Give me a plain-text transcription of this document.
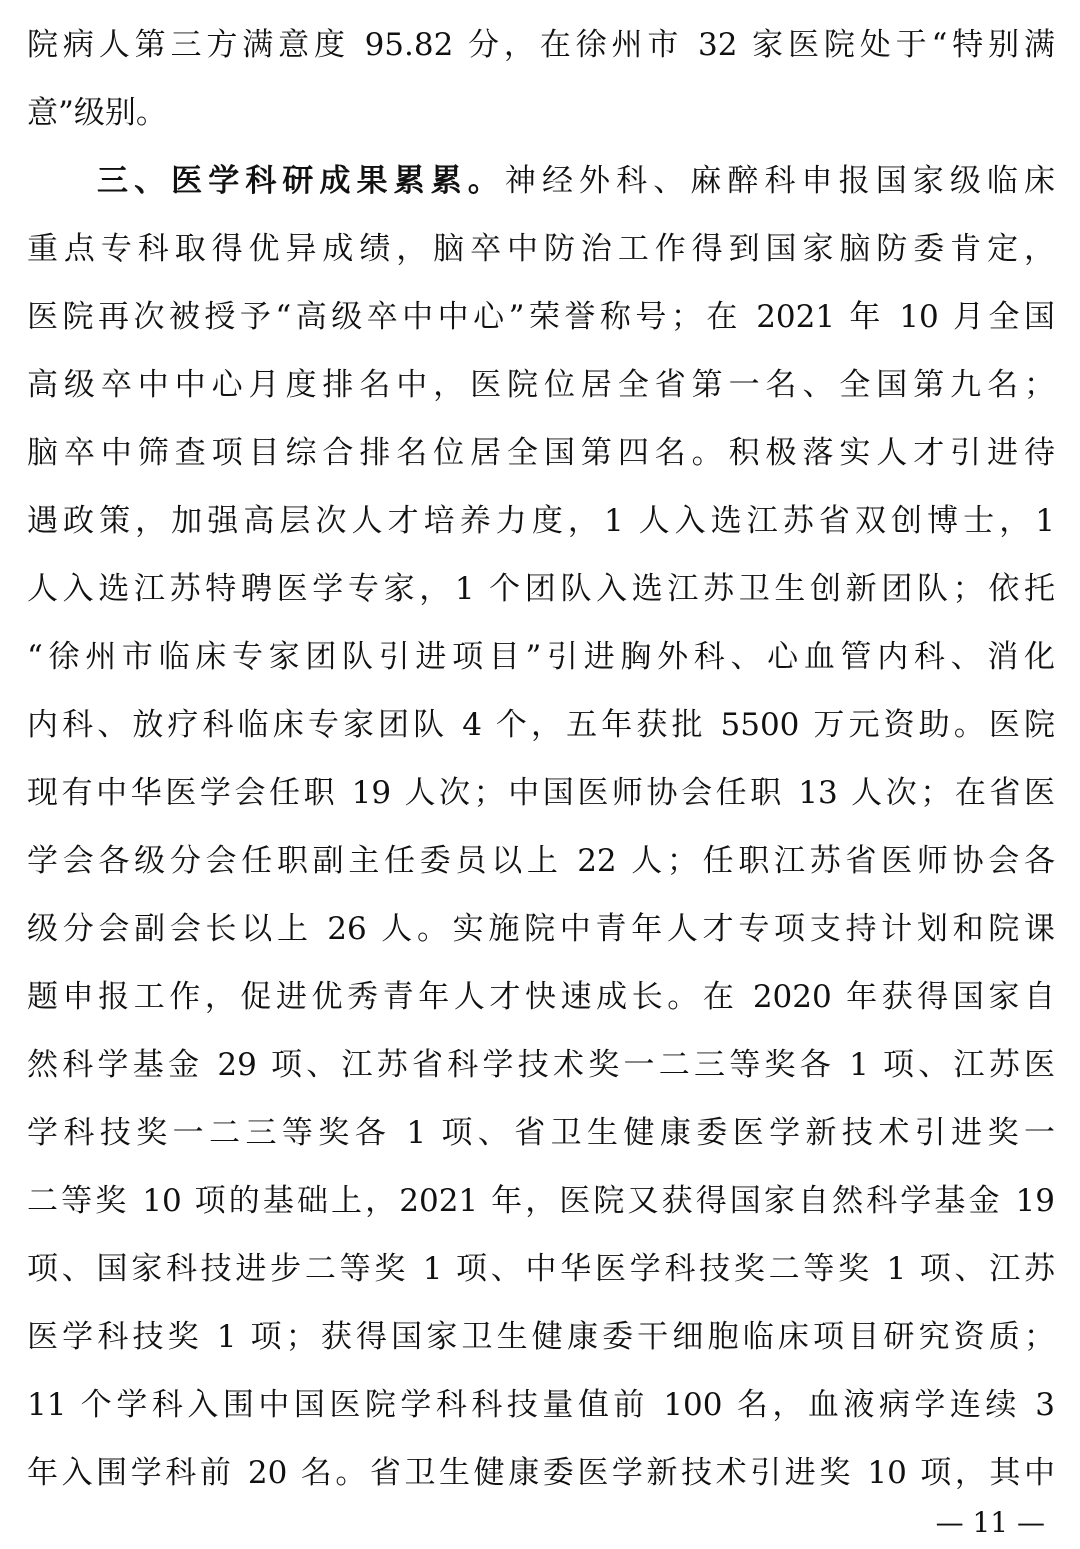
院病人第三方满意度 95.82 分，在徐州市 32 家医院处于“特别满
意”级别。
三、医学科研成果累累。神经外科、麻醉科申报国家级临床
重点专科取得优异成绩，脑卒中防治工作得到国家脑防委肯定，
医院再次被授予“高级卒中中心”荣誉称号；在 2021 年 10 月全国
高级卒中中心月度排名中，医院位居全省第一名、全国第九名；
脑卒中筛查项目综合排名位居全国第四名。积极落实人才引进待
遇政策，加强高层次人才培养力度，1 人入选江苏省双创博士，1
人入选江苏特聘医学专家，1 个团队入选江苏卫生创新团队；依托
“徐州市临床专家团队引进项目”引进胸外科、心血管内科、消化
内科、放疗科临床专家团队 4 个，五年获批 5500 万元资助。医院
现有中华医学会任职 19 人次；中国医师协会任职 13 人次；在省医
学会各级分会任职副主任委员以上 22 人；任职江苏省医师协会各
级分会副会长以上 26 人。实施院中青年人才专项支持计划和院课
题申报工作，促进优秀青年人才快速成长。在 2020 年获得国家自
然科学基金 29 项、江苏省科学技术奖一二三等奖各 1 项、江苏医
学科技奖一二三等奖各 1 项、省卫生健康委医学新技术引进奖一
二等奖 10 项的基础上，2021 年，医院又获得国家自然科学基金 19
项、国家科技进步二等奖 1 项、中华医学科技奖二等奖 1 项、江苏
医学科技奖 1 项；获得国家卫生健康委干细胞临床项目研究资质；
11 个学科入围中国医院学科科技量值前 100 名，血液病学连续 3
年入围学科前 20 名。省卫生健康委医学新技术引进奖 10 项，其中
— 11 —
